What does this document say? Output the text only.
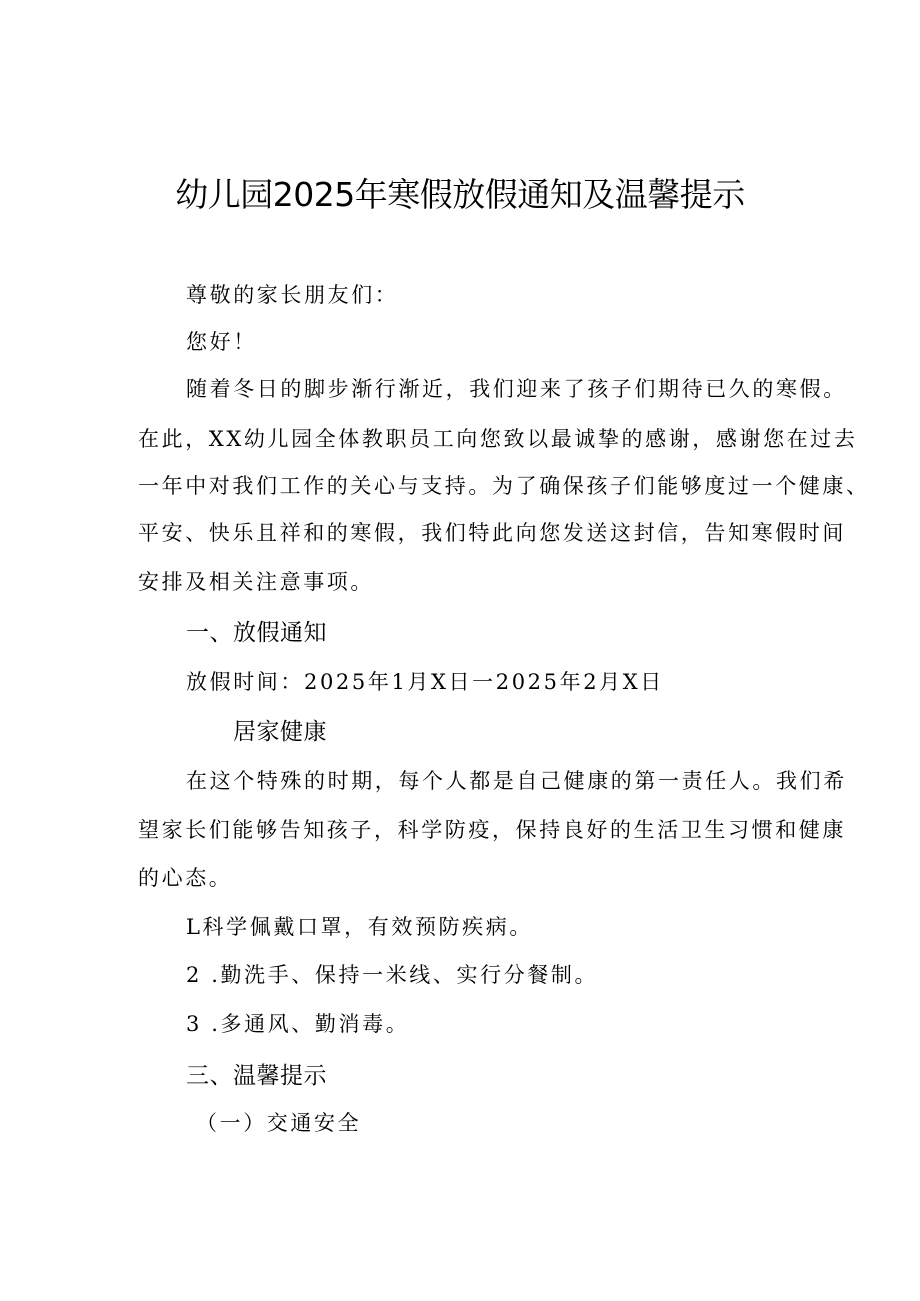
幼儿园2025年寒假放假通知及温馨提示
尊敬的家长朋友们：
您好！
随着冬日的脚步渐行渐近，我们迎来了孩子们期待已久的寒假。
在此，XX幼儿园全体教职员工向您致以最诚挚的感谢，感谢您在过去
一年中对我们工作的关心与支持。为了确保孩子们能够度过一个健康、
平安、快乐且祥和的寒假，我们特此向您发送这封信，告知寒假时间
安排及相关注意事项。
一、放假通知
放假时间：2025年1月X日一2025年2月X日
居家健康
在这个特殊的时期，每个人都是自己健康的第一责任人。我们希
望家长们能够告知孩子，科学防疫，保持良好的生活卫生习惯和健康
的心态。
L科学佩戴口罩，有效预防疾病。
2 .勤洗手、保持一米线、实行分餐制。
3 .多通风、勤消毒。
三、温馨提示
（一）交通安全
